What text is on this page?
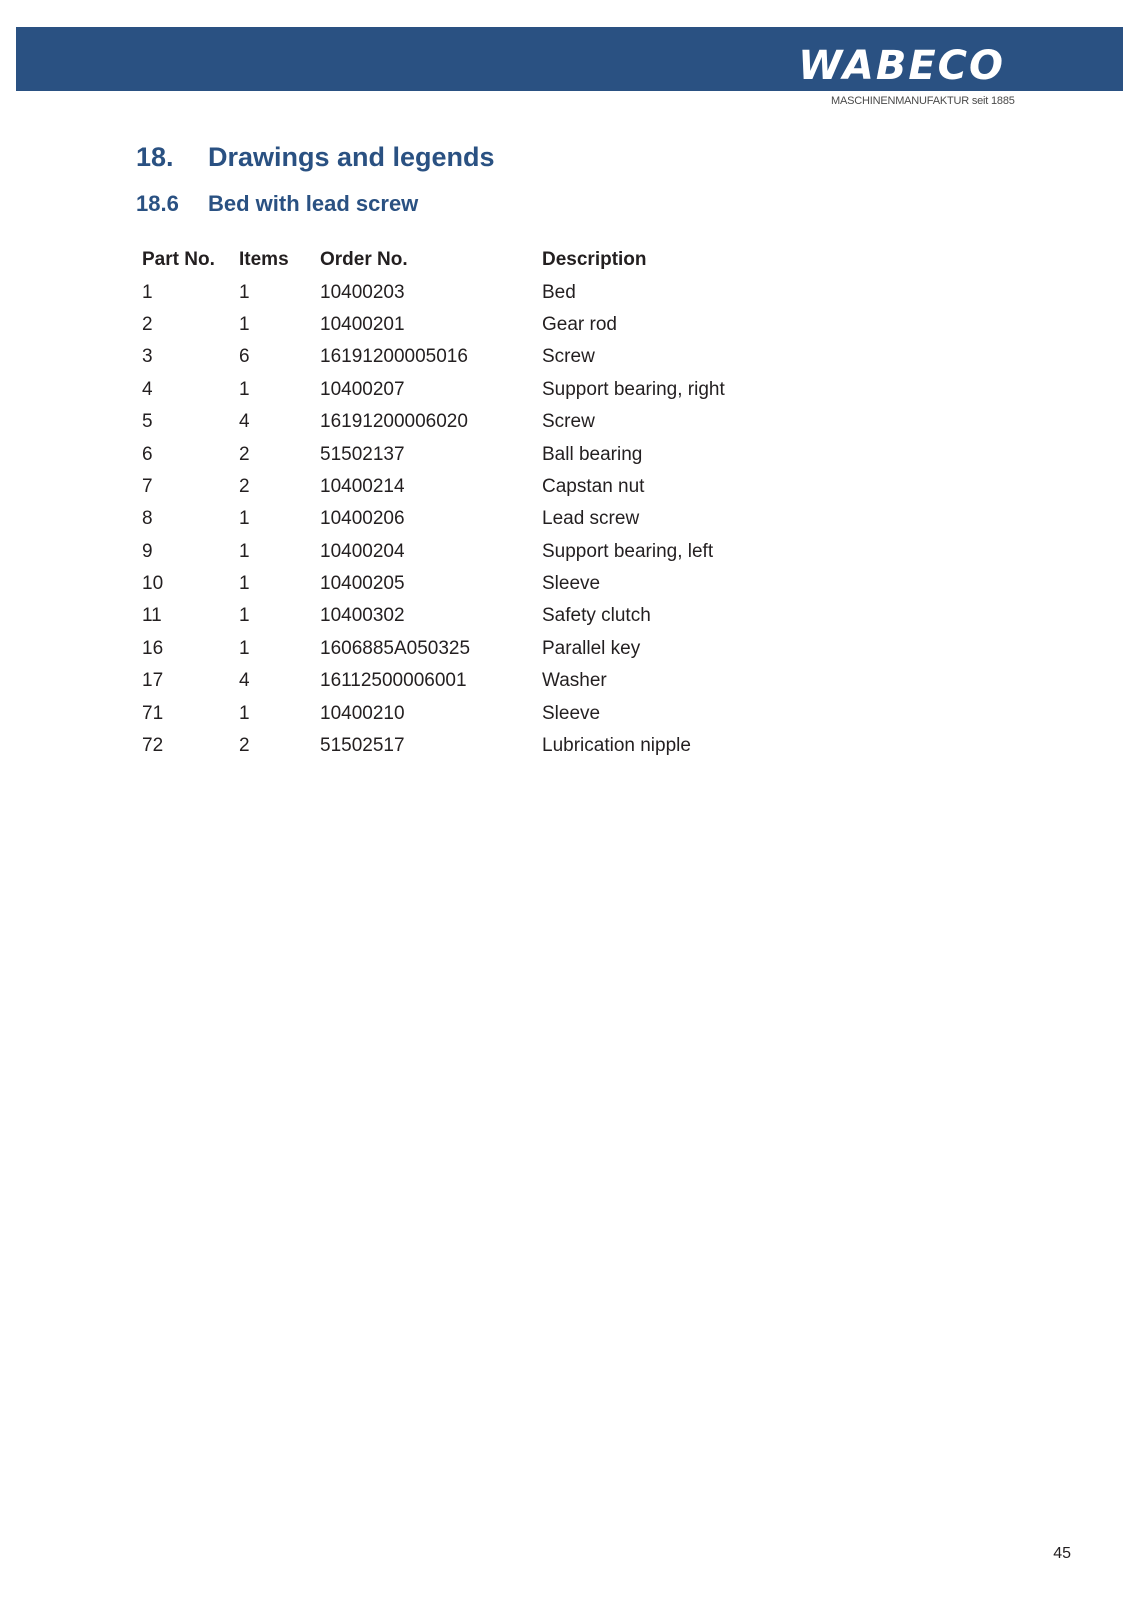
WABECO
MASCHINENMANUFAKTUR seit 1885
18. Drawings and legends
18.6 Bed with lead screw
Part No.	Items	Order No.	Description
1	1	10400203	Bed
2	1	10400201	Gear rod
3	6	16191200005016	Screw
4	1	10400207	Support bearing, right
5	4	16191200006020	Screw
6	2	51502137	Ball bearing
7	2	10400214	Capstan nut
8	1	10400206	Lead screw
9	1	10400204	Support bearing, left
10	1	10400205	Sleeve
11	1	10400302	Safety clutch
16	1	1606885A050325	Parallel key
17	4	16112500006001	Washer
71	1	10400210	Sleeve
72	2	51502517	Lubrication nipple
45
